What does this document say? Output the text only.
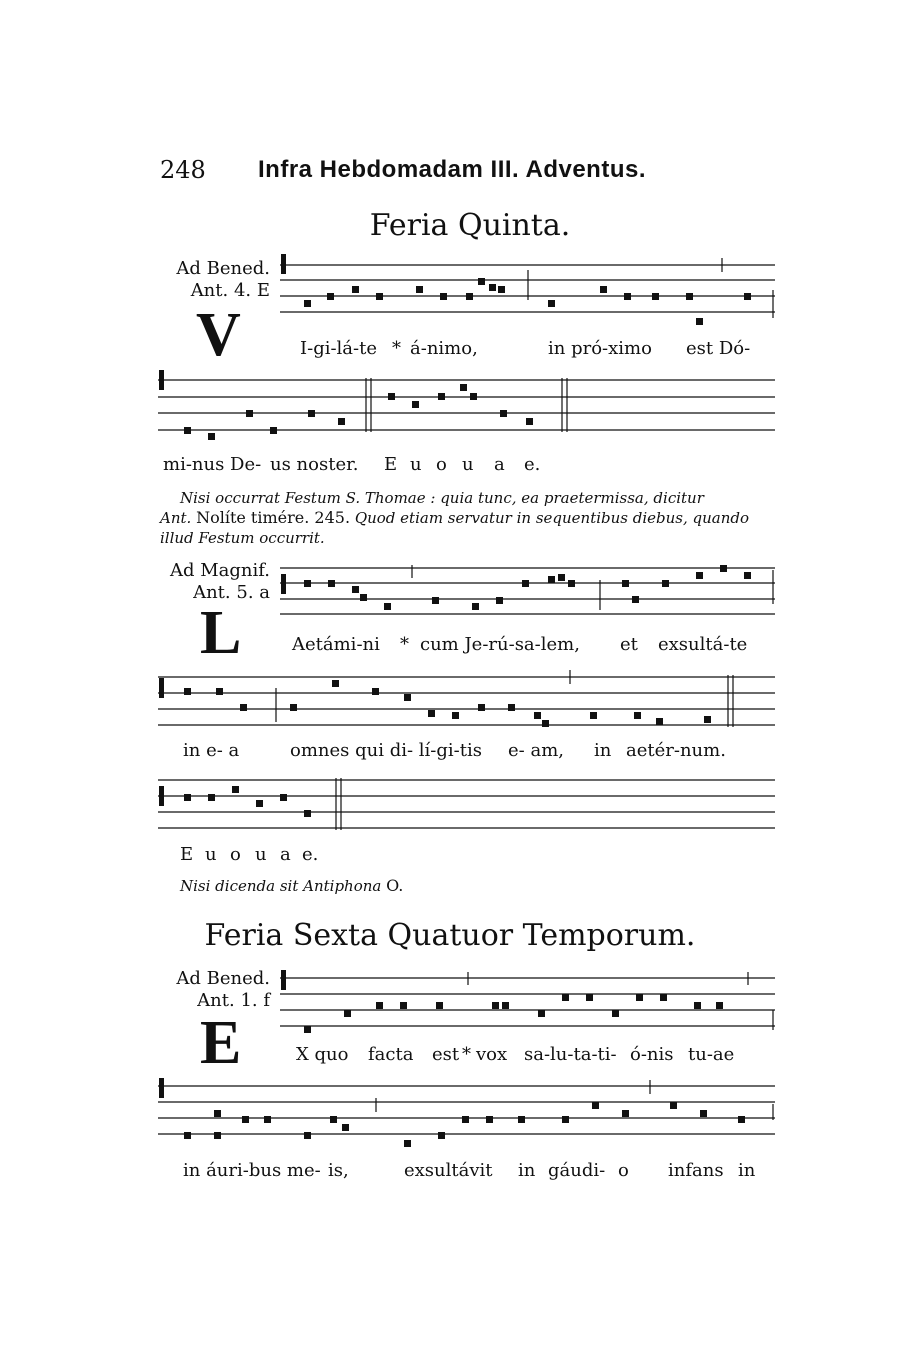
248 Infra Hebdomadam III. Adventus.
Feria Quinta.
Ad Bened.
Ant. 4. E
V	I-gi-lá-te * á-nimo,	in pró-ximo est Dó-
mi-nus De- us noster. E u o u a e.
Nisi occurrat Festum S. Thomae : quia tunc, ea praetermissa, dicitur
Ant. Nolíte timére. 245. Quod etiam servatur in sequentibus diebus, quando
illud Festum occurrit.
Ad Magnif.
Ant. 5. a
L	Aetámi-ni * cum Je-rú-sa-lem, et exsultá-te
in e- a	omnes qui di- lí-gi-tis e- am, in aetér-num.
E u o u a e.
Nisi dicenda sit Antiphona O.
Feria Sexta Quatuor Temporum.
Ad Bened.
Ant. 1. f
E	X quo facta est * vox sa-lu-ta-ti- ó-nis tu-ae
in áuri-bus me- is,	exsultávit in gáudi- o infans in
